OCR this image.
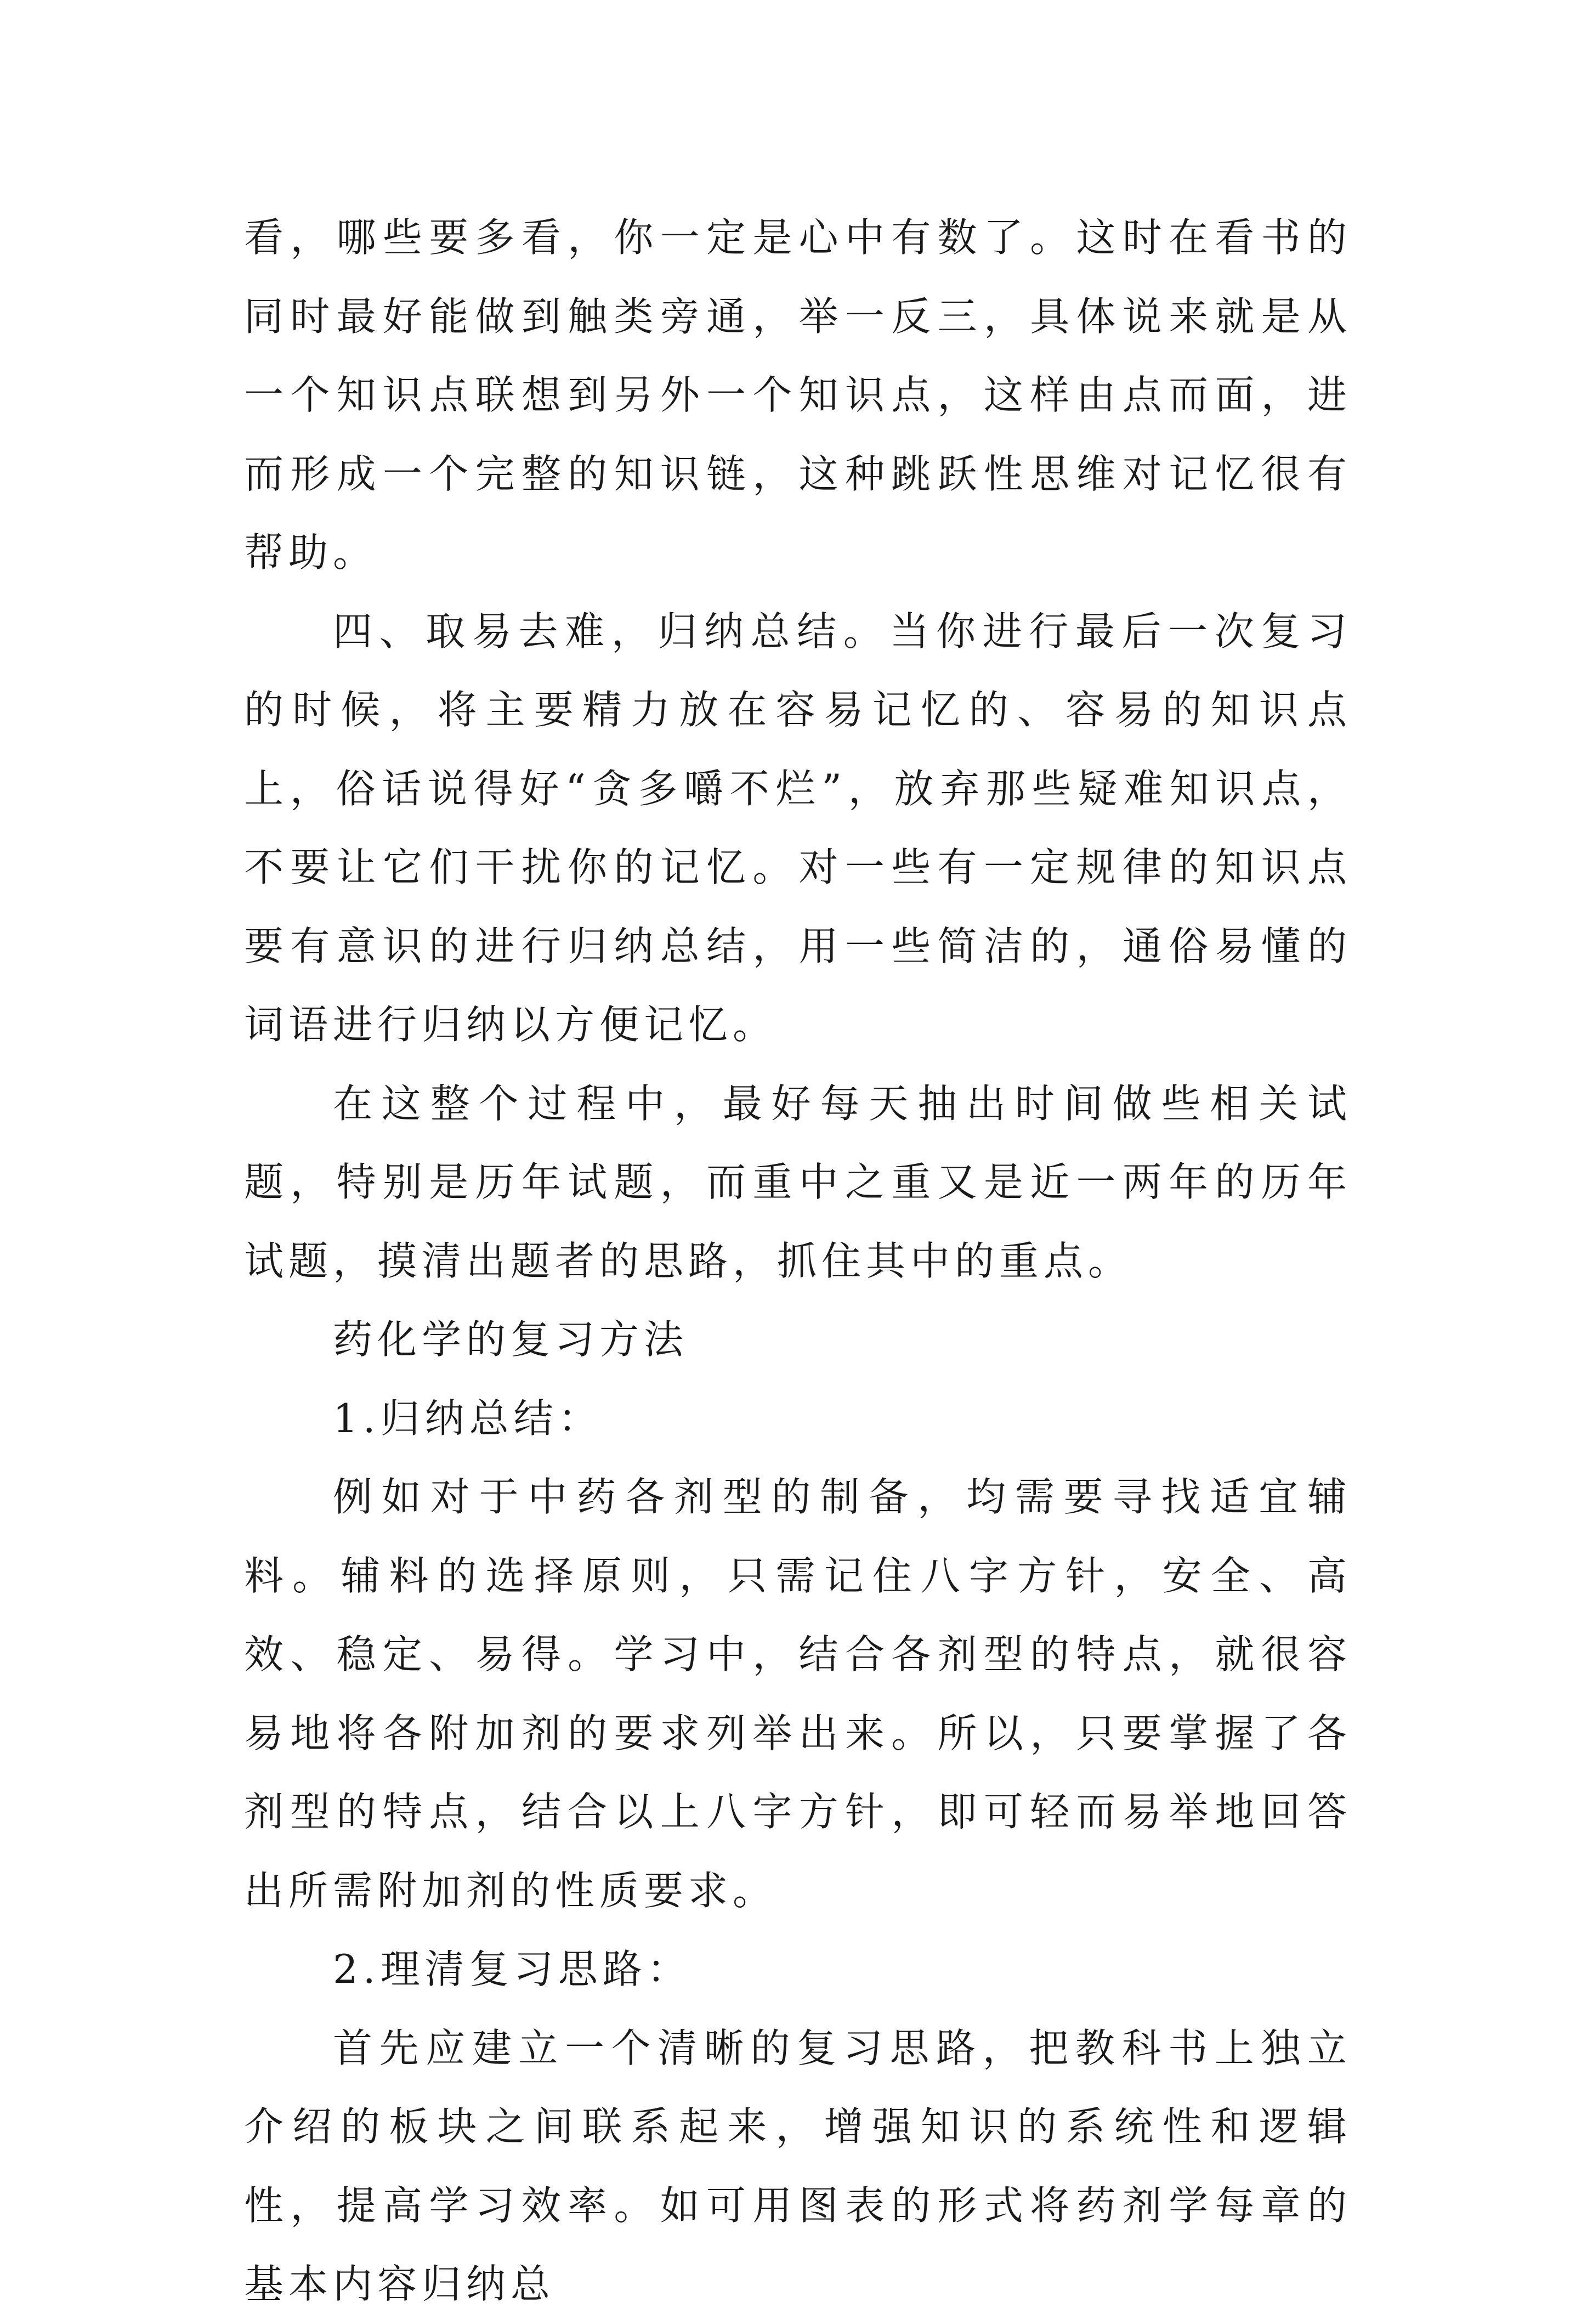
看，哪些要多看，你一定是心中有数了。这时在看书的同时最好能做到触类旁通，举一反三，具体说来就是从一个知识点联想到另外一个知识点，这样由点而面，进而形成一个完整的知识链，这种跳跃性思维对记忆很有帮助。

四、取易去难，归纳总结。当你进行最后一次复习的时候，将主要精力放在容易记忆的、容易的知识点上，俗话说得好“贪多嚼不烂”，放弃那些疑难知识点，不要让它们干扰你的记忆。对一些有一定规律的知识点要有意识的进行归纳总结，用一些简洁的，通俗易懂的词语进行归纳以方便记忆。

在这整个过程中，最好每天抽出时间做些相关试题，特别是历年试题，而重中之重又是近一两年的历年试题，摸清出题者的思路，抓住其中的重点。

药化学的复习方法

1.归纳总结：

例如对于中药各剂型的制备，均需要寻找适宜辅料。辅料的选择原则，只需记住八字方针，安全、高效、稳定、易得。学习中，结合各剂型的特点，就很容易地将各附加剂的要求列举出来。所以，只要掌握了各剂型的特点，结合以上八字方针，即可轻而易举地回答出所需附加剂的性质要求。

2.理清复习思路：

首先应建立一个清晰的复习思路，把教科书上独立介绍的板块之间联系起来，增强知识的系统性和逻辑性，提高学习效率。如可用图表的形式将药剂学每章的基本内容归纳总
